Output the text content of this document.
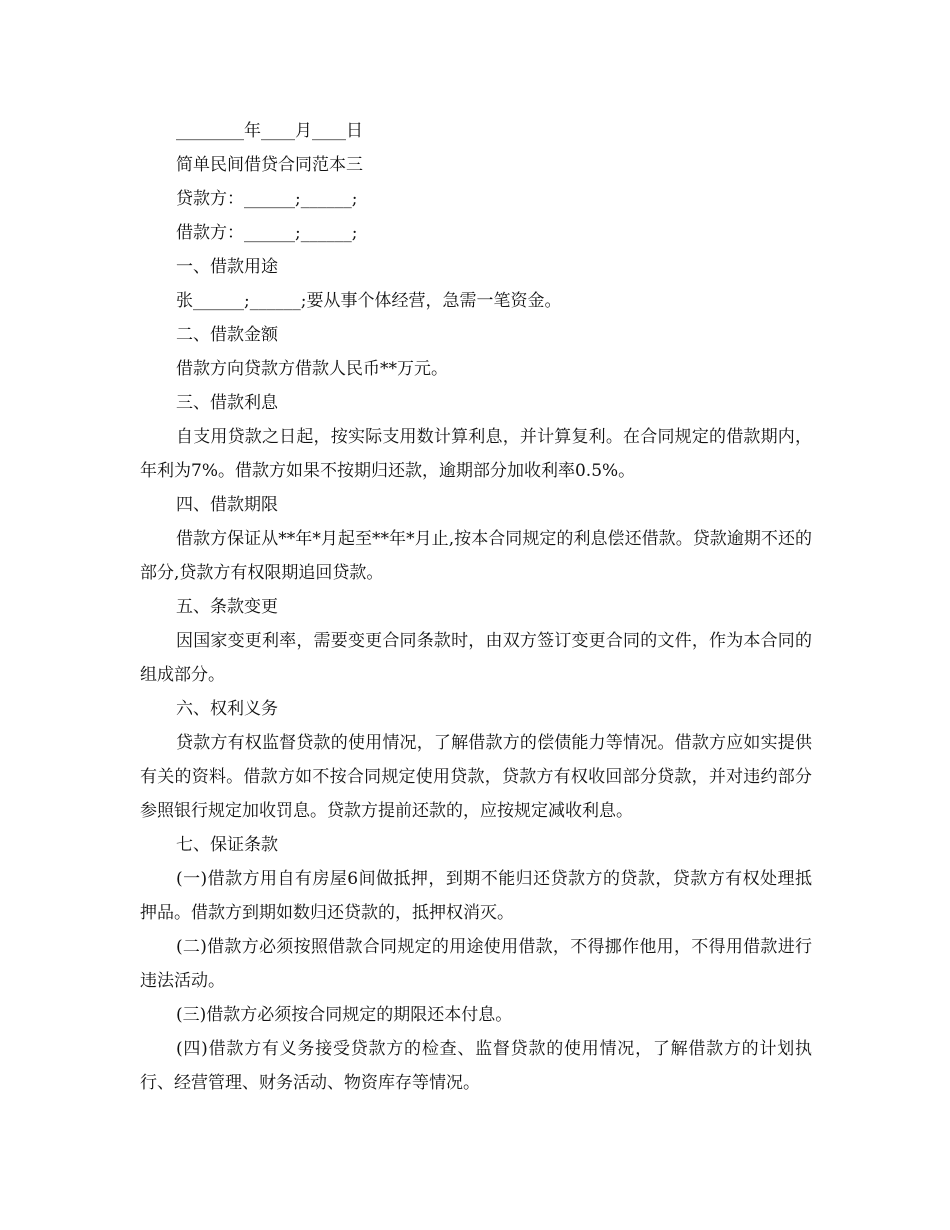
________年____月____日

简单民间借贷合同范本三

贷款方：______;______;

借款方：______;______;

一、借款用途

张______;______;要从事个体经营，急需一笔资金。

二、借款金额

借款方向贷款方借款人民币**万元。

三、借款利息

自支用贷款之日起，按实际支用数计算利息，并计算复利。在合同规定的借款期内，年利为7%。借款方如果不按期归还款，逾期部分加收利率0.5%。

四、借款期限

借款方保证从**年*月起至**年*月止,按本合同规定的利息偿还借款。贷款逾期不还的部分,贷款方有权限期追回贷款。

五、条款变更

因国家变更利率，需要变更合同条款时，由双方签订变更合同的文件，作为本合同的组成部分。

六、权利义务

贷款方有权监督贷款的使用情况，了解借款方的偿债能力等情况。借款方应如实提供有关的资料。借款方如不按合同规定使用贷款，贷款方有权收回部分贷款，并对违约部分参照银行规定加收罚息。贷款方提前还款的，应按规定减收利息。

七、保证条款

(一)借款方用自有房屋6间做抵押，到期不能归还贷款方的贷款，贷款方有权处理抵押品。借款方到期如数归还贷款的，抵押权消灭。

(二)借款方必须按照借款合同规定的用途使用借款，不得挪作他用，不得用借款进行违法活动。

(三)借款方必须按合同规定的期限还本付息。

(四)借款方有义务接受贷款方的检查、监督贷款的使用情况，了解借款方的计划执行、经营管理、财务活动、物资库存等情况。
